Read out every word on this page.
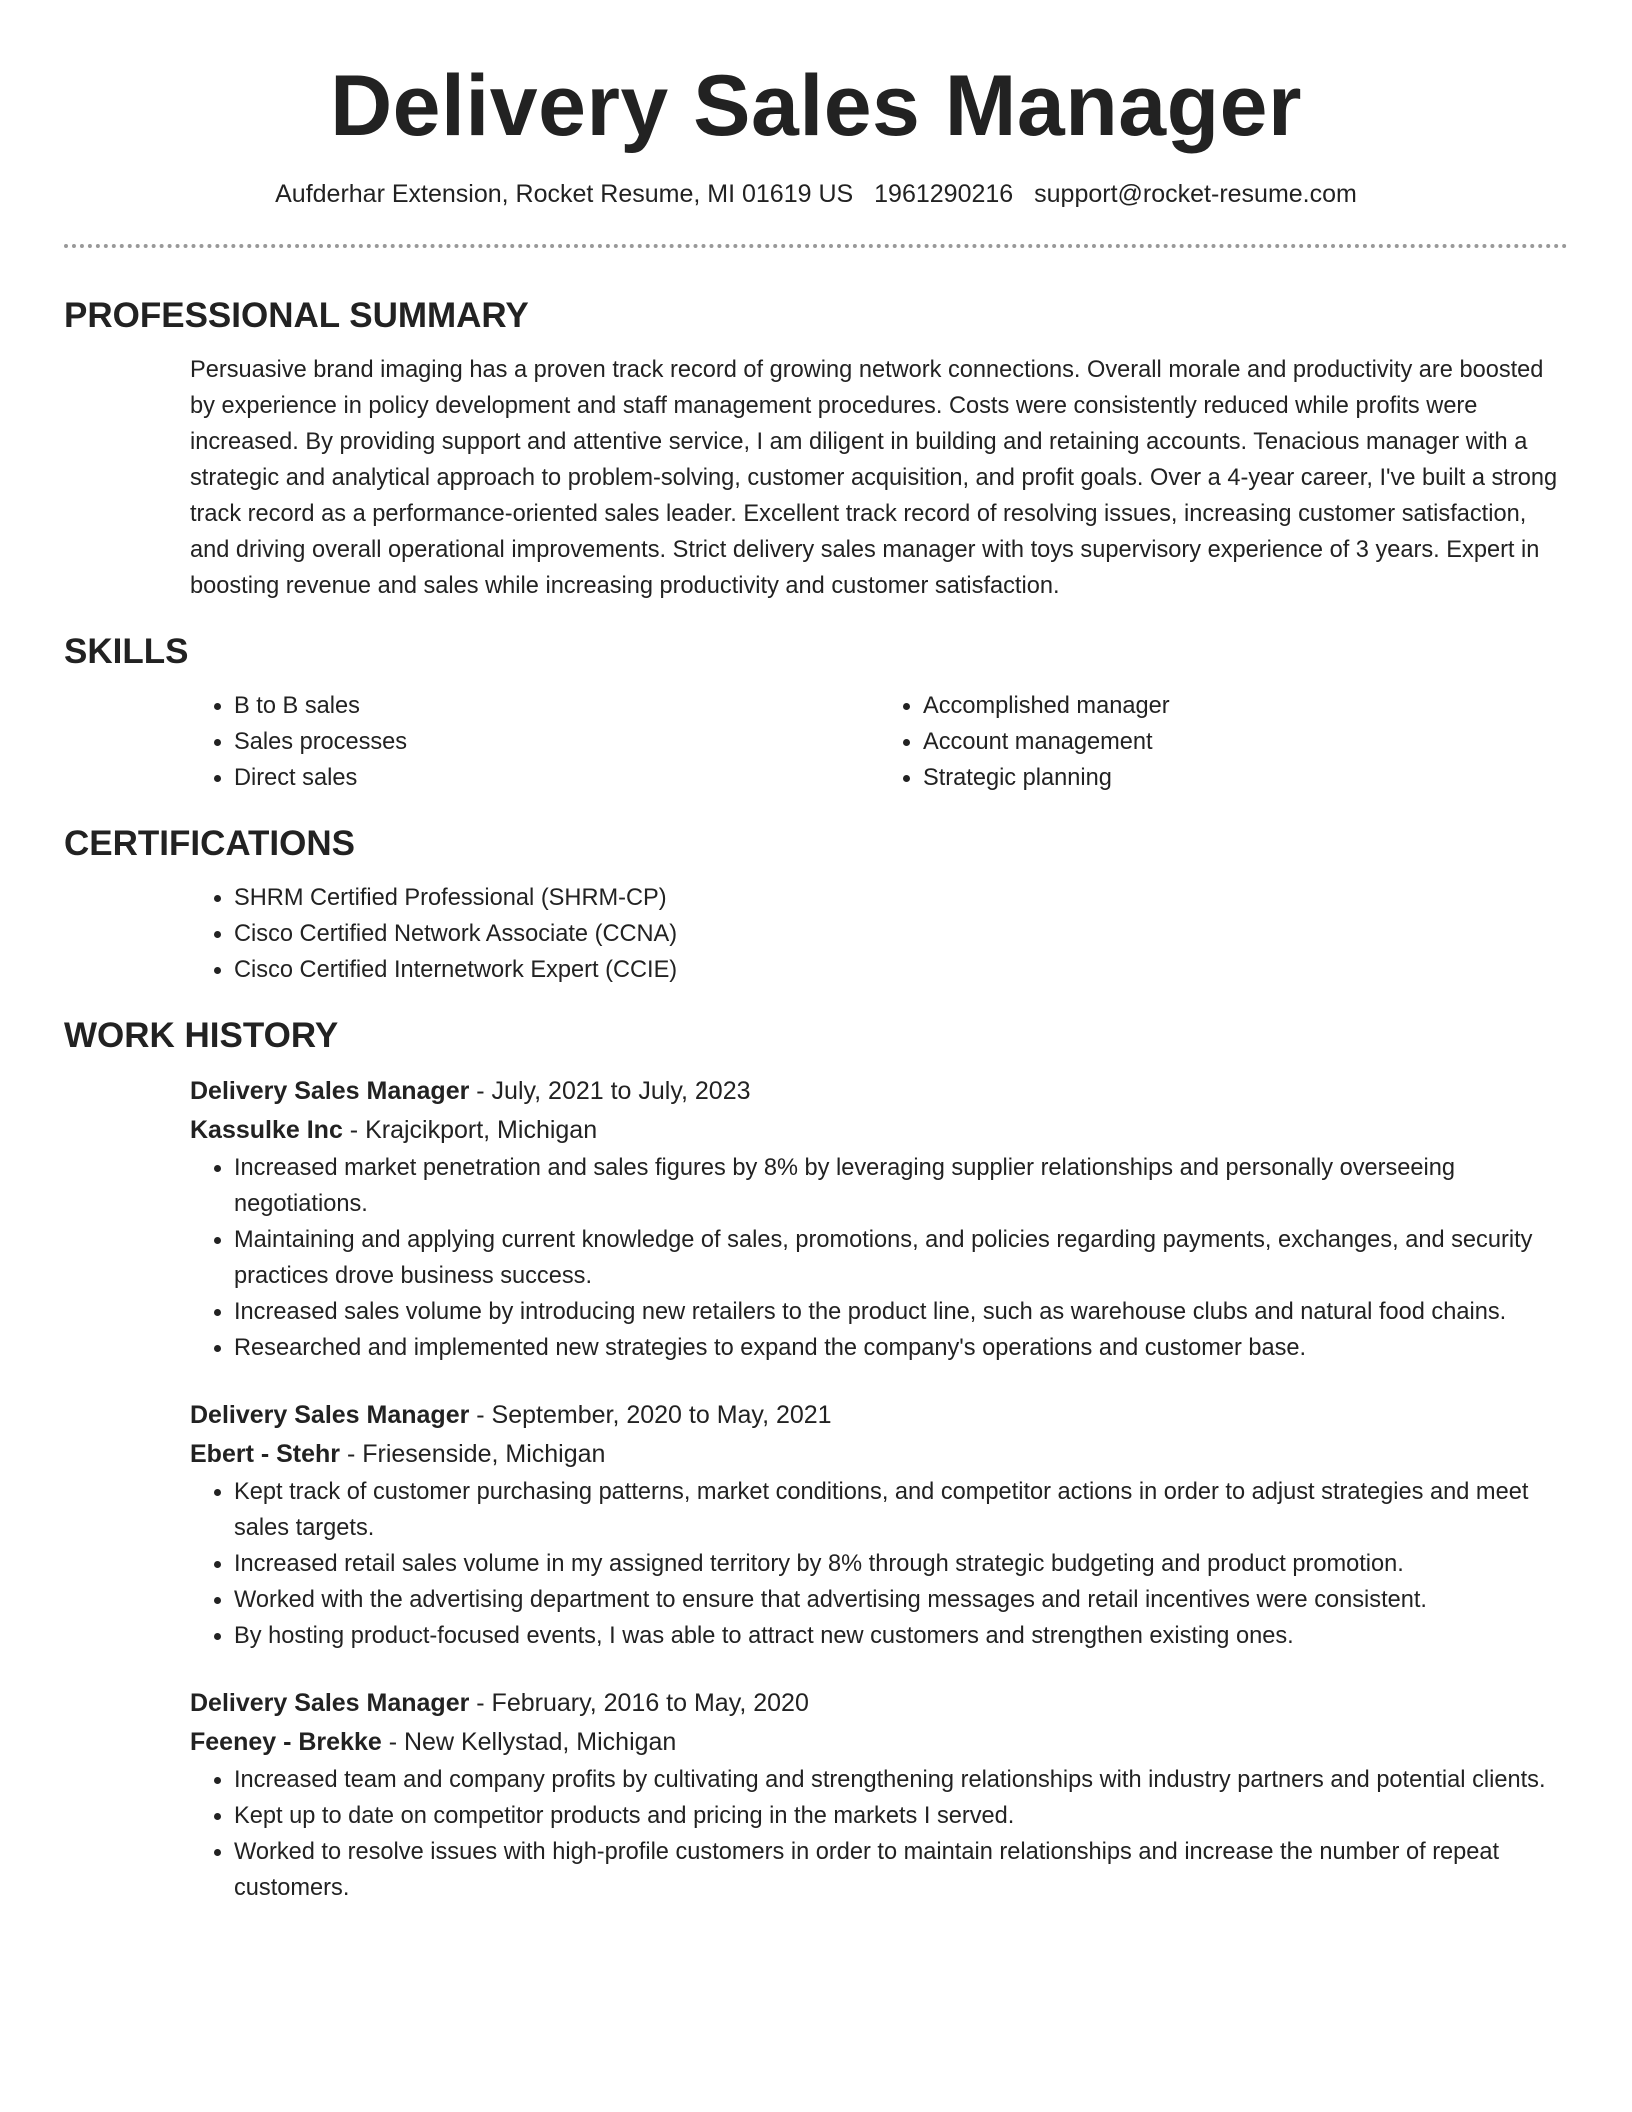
Delivery Sales Manager
Aufderhar Extension, Rocket Resume, MI 01619 US 1961290216 support@rocket-resume.com
PROFESSIONAL SUMMARY
Persuasive brand imaging has a proven track record of growing network connections. Overall morale and productivity are boosted by experience in policy development and staff management procedures. Costs were consistently reduced while profits were increased. By providing support and attentive service, I am diligent in building and retaining accounts. Tenacious manager with a strategic and analytical approach to problem-solving, customer acquisition, and profit goals. Over a 4-year career, I've built a strong track record as a performance-oriented sales leader. Excellent track record of resolving issues, increasing customer satisfaction, and driving overall operational improvements. Strict delivery sales manager with toys supervisory experience of 3 years. Expert in boosting revenue and sales while increasing productivity and customer satisfaction.
SKILLS
• B to B sales
• Sales processes
• Direct sales
• Accomplished manager
• Account management
• Strategic planning
CERTIFICATIONS
• SHRM Certified Professional (SHRM-CP)
• Cisco Certified Network Associate (CCNA)
• Cisco Certified Internetwork Expert (CCIE)
WORK HISTORY
Delivery Sales Manager - July, 2021 to July, 2023
Kassulke Inc - Krajcikport, Michigan
• Increased market penetration and sales figures by 8% by leveraging supplier relationships and personally overseeing negotiations.
• Maintaining and applying current knowledge of sales, promotions, and policies regarding payments, exchanges, and security practices drove business success.
• Increased sales volume by introducing new retailers to the product line, such as warehouse clubs and natural food chains.
• Researched and implemented new strategies to expand the company's operations and customer base.
Delivery Sales Manager - September, 2020 to May, 2021
Ebert - Stehr - Friesenside, Michigan
• Kept track of customer purchasing patterns, market conditions, and competitor actions in order to adjust strategies and meet sales targets.
• Increased retail sales volume in my assigned territory by 8% through strategic budgeting and product promotion.
• Worked with the advertising department to ensure that advertising messages and retail incentives were consistent.
• By hosting product-focused events, I was able to attract new customers and strengthen existing ones.
Delivery Sales Manager - February, 2016 to May, 2020
Feeney - Brekke - New Kellystad, Michigan
• Increased team and company profits by cultivating and strengthening relationships with industry partners and potential clients.
• Kept up to date on competitor products and pricing in the markets I served.
• Worked to resolve issues with high-profile customers in order to maintain relationships and increase the number of repeat customers.
